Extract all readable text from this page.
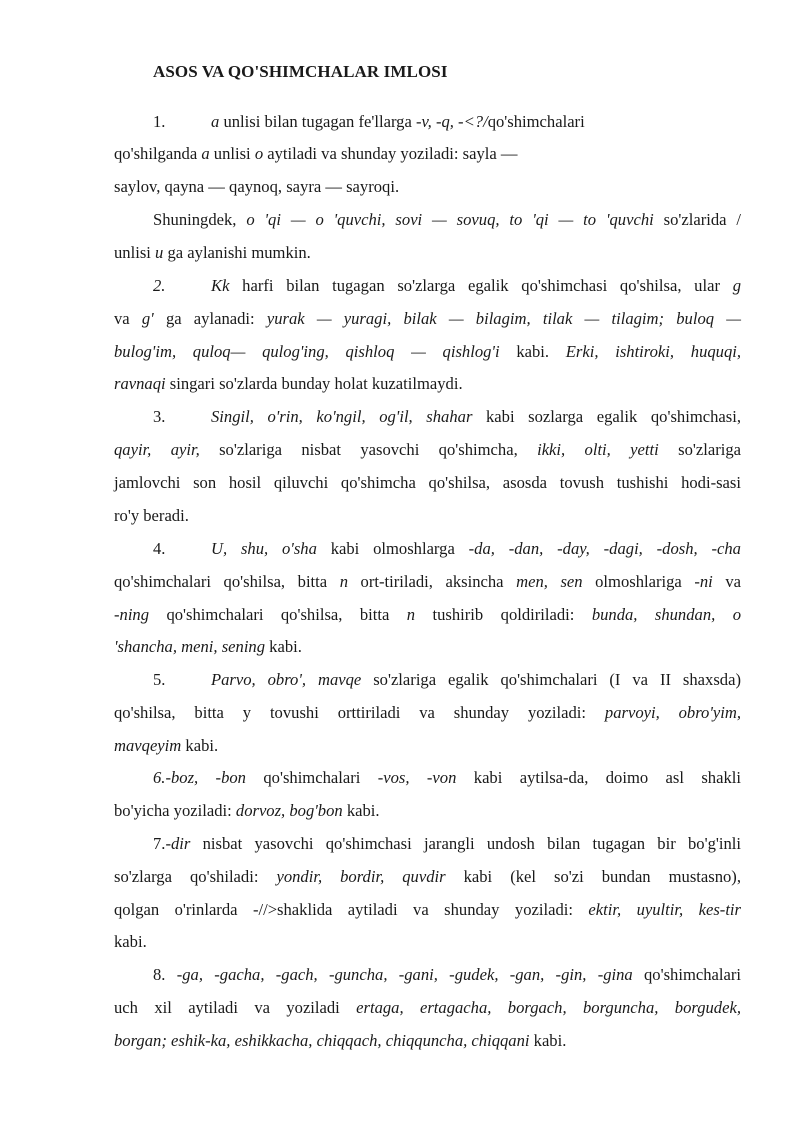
ASOS VA QO'SHIMCHALAR IMLOSI

1.	a unlisi bilan tugagan fe'llarga -v, -q, -<?/qo'shimchalari

qo'shilganda a unlisi o aytiladi va shunday yoziladi: sayla —

saylov, qayna — qaynoq, sayra — sayroqi.

Shuningdek, o 'qi — o 'quvchi, sovi — sovuq, to 'qi — to 'quvchi so'zlarida /

unlisi u ga aylanishi mumkin.

2.	Kk harfi bilan tugagan so'zlarga egalik qo'shimchasi qo'shilsa, ular g

va g' ga aylanadi: yurak — yuragi, bilak — bilagim, tilak — tilagim; buloq —

bulog'im, quloq— qulog'ing, qishloq — qishlog'i kabi. Erki, ishtiroki, huquqi,

ravnaqi singari so'zlarda bunday holat kuzatilmaydi.

3.	Singil, o'rin, ko'ngil, og'il, shahar kabi sozlarga egalik qo'shimchasi,

qayir, ayir, so'zlariga nisbat yasovchi qo'shimcha, ikki, olti, yetti so'zlariga

jamlovchi son hosil qiluvchi qo'shimcha qo'shilsa, asosda tovush tushishi hodi-sasi

ro'y beradi.

4.	U, shu, o'sha kabi olmoshlarga -da, -dan, -day, -dagi, -dosh, -cha

qo'shimchalari qo'shilsa, bitta n ort-tiriladi, aksincha men, sen olmoshlariga -ni va

-ning qo'shimchalari qo'shilsa, bitta n tushirib qoldiriladi: bunda, shundan, o

'shancha, meni, sening kabi.

5.	Parvo, obro', mavqe so'zlariga egalik qo'shimchalari (I va II shaxsda)

qo'shilsa, bitta y tovushi orttiriladi va shunday yoziladi: parvoyi, obro'yim,

mavqeyim kabi.

6.-boz, -bon qo'shimchalari -vos, -von kabi aytilsa-da, doimo asl shakli

bo'yicha yoziladi: dorvoz, bog'bon kabi.

7.-dir nisbat yasovchi qo'shimchasi jarangli undosh bilan tugagan bir bo'g'inli

so'zlarga qo'shiladi: yondir, bordir, quvdir kabi (kel so'zi bundan mustasno),

qolgan o'rinlarda -//>shaklida aytiladi va shunday yoziladi: ektir, uyultir, kes-tir

kabi.

8. -ga, -gacha, -gach, -guncha, -gani, -gudek, -gan, -gin, -gina qo'shimchalari

uch xil aytiladi va yoziladi ertaga, ertagacha, borgach, borguncha, borgudek,

borgan; eshik-ka, eshikkacha, chiqqach, chiqquncha, chiqqani kabi.
